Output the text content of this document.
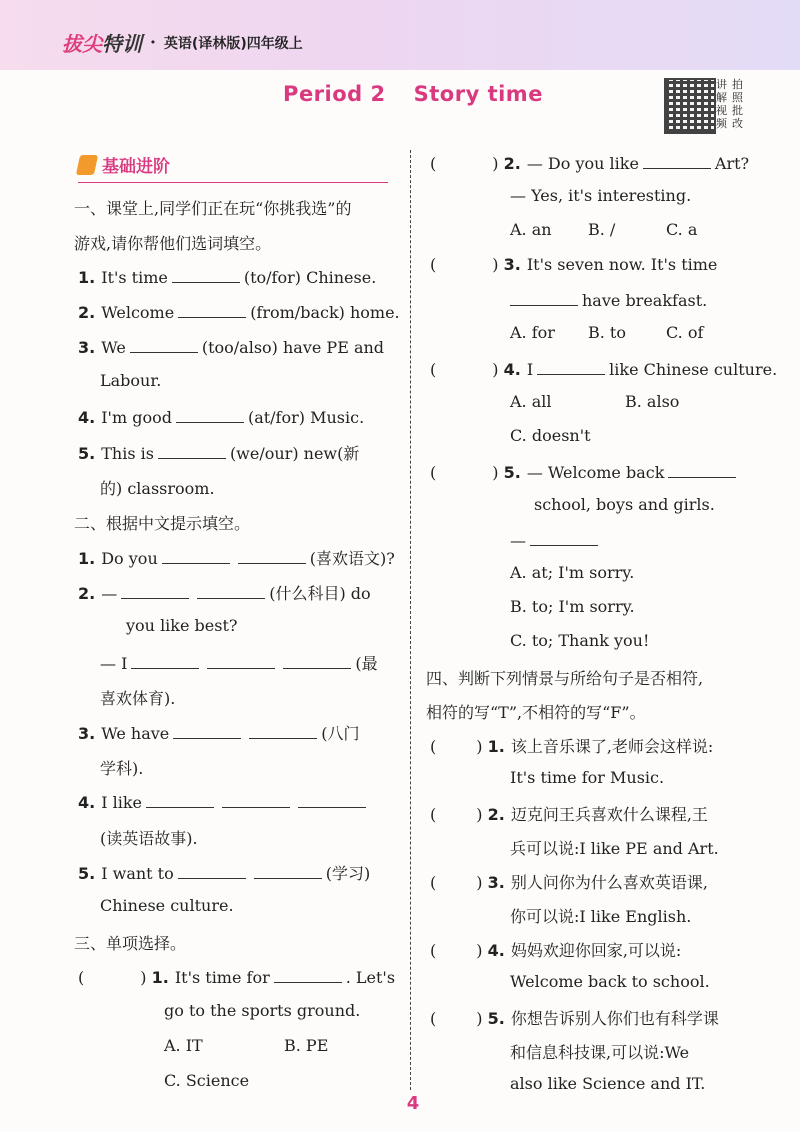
拔尖特训 · 英语(译林版)四年级上
Period 2 Story time	讲 拍
解 照
视 批
频 改
基础进阶
一、课堂上,同学们正在玩“你挑我选”的
游戏,请你帮他们选词填空。
1. It's time	(to/for) Chinese.
2. Welcome	(from/back) home.
3. We	(too/also) have PE and
Labour.
4. I'm good	(at/for) Music.
5. This is	(we/our) new(新
的) classroom.
二、根据中文提示填空。
1. Do you	(喜欢语文)?
2. —	(什么科目) do
you like best?
— I	(最
喜欢体育).
3. We have	(八门
学科).
4. I like
(读英语故事).
5. I want to	(学习)
Chinese culture.
三、单项选择。
(	) 1. It's time for	. Let's
go to the sports ground.
A. IT	B. PE
C. Science
(	) 2. — Do you like	Art?
— Yes, it's interesting.
A. an B. /	C. a
(	) 3. It's seven now. It's time
have breakfast.
A. for B. to	C. of
(	) 4. I	like Chinese culture.
A. all	B. also
C. doesn't
(	) 5. — Welcome back
school, boys and girls.
—
A. at; I'm sorry.
B. to; I'm sorry.
C. to; Thank you!
四、判断下列情景与所给句子是否相符,
相符的写“T”,不相符的写“F”。
(	) 1. 该上音乐课了,老师会这样说:
It's time for Music.
(	) 2. 迈克问王兵喜欢什么课程,王
兵可以说:I like PE and Art.
(	) 3. 别人问你为什么喜欢英语课,
你可以说:I like English.
(	) 4. 妈妈欢迎你回家,可以说:
Welcome back to school.
(	) 5. 你想告诉别人你们也有科学课
和信息科技课,可以说:We
also like Science and IT.
4
